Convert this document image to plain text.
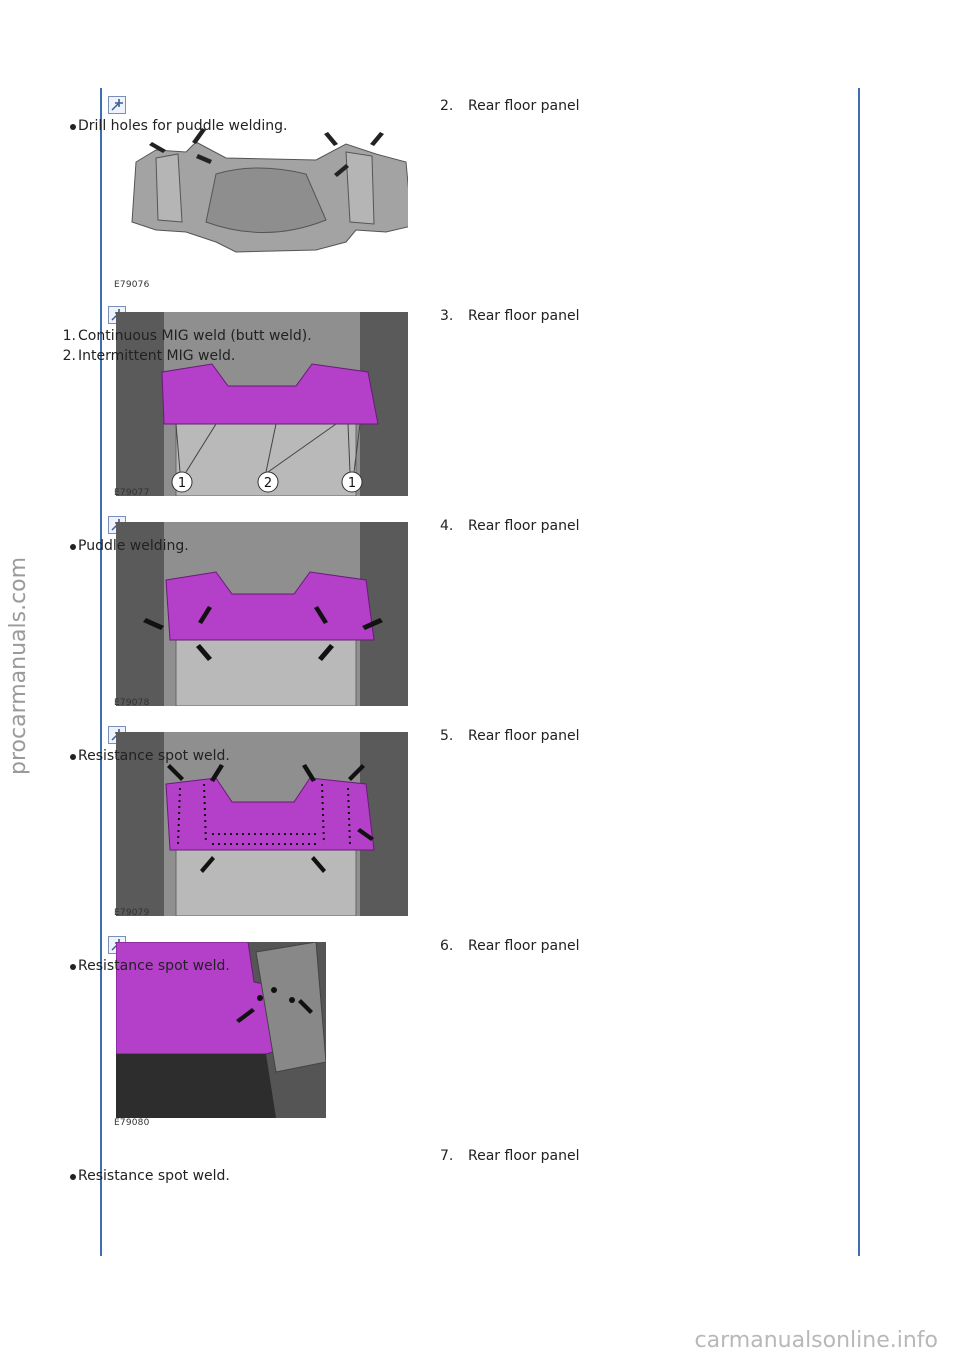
E79076
1	2	1
E79077
E79078
E79079
E79080
2. Rear floor panel
Drill holes for puddle welding.
3. Rear floor panel
1. Continuous MIG weld (butt weld).
2. Intermittent MIG weld.
4. Rear floor panel
Puddle welding.
5. Rear floor panel
Resistance spot weld.
6. Rear floor panel
Resistance spot weld.
7. Rear floor panel
Resistance spot weld.
procarmanuals.com
carmanualsonline.info
